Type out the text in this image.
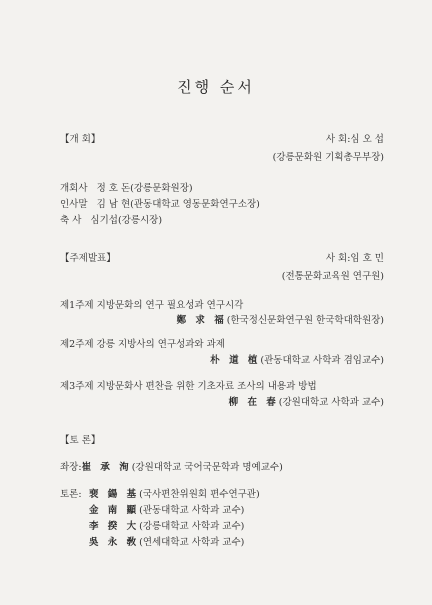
진행 순서
【개 회】	사 회:심 오 섭
(강릉문화원 기획총무부장)
개회사 정 호 돈(강릉문화원장)
인사말 김 남 현(관동대학교 영동문화연구소장)
축 사 심기섭(강릉시장)
【주제발표】	사 회:임 호 민
(전통문화교육원 연구원)
제1주제 지방문화의 연구 필요성과 연구시각
鄭 求 福(한국정신문화연구원 한국학대학원장)
제2주제 강릉 지방사의 연구성과와 과제
朴 道 植(관동대학교 사학과 겸임교수)
제3주제 지방문화사 편찬을 위한 기초자료 조사의 내용과 방법
柳 在 春(강원대학교 사학과 교수)
【토 론】
좌장:崔 承 洵(강원대학교 국어국문학과 명예교수)
토론: 裵 鍚 基(국사편찬위원회 편수연구관)
金 南 顯(관동대학교 사학과 교수)
李 揆 大(강릉대학교 사학과 교수)
吳 永 敎(연세대학교 사학과 교수)
